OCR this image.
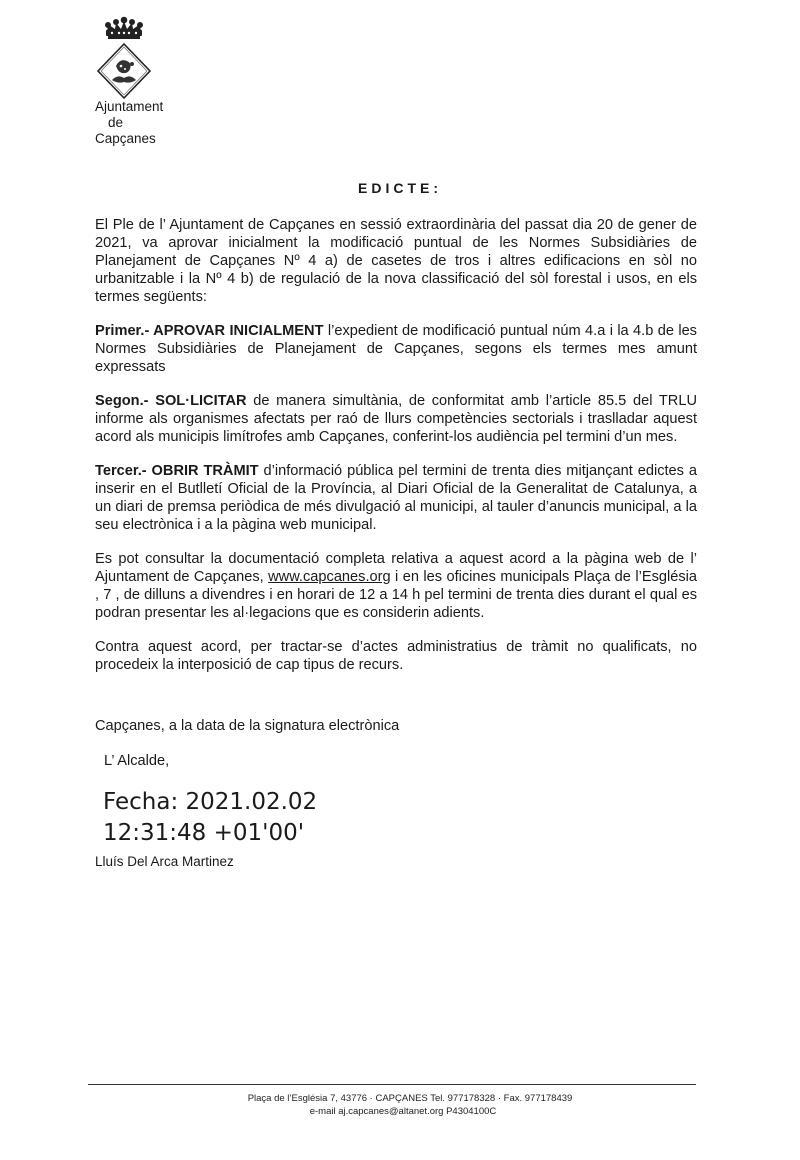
Ajuntament
de
Capçanes
EDICTE:

El Ple de l’ Ajuntament de Capçanes en sessió extraordinària del passat dia 20 de gener de 2021, va aprovar inicialment la modificació puntual de les Normes Subsidiàries de Planejament de Capçanes Nº 4 a) de casetes de tros i altres edificacions en sòl no urbanitzable i la Nº 4 b) de regulació de la nova classificació del sòl forestal i usos, en els termes següents:

Primer.- APROVAR INICIALMENT l’expedient de modificació puntual núm 4.a i la 4.b de les Normes Subsidiàries de Planejament de Capçanes, segons els termes mes amunt expressats

Segon.- SOL·LICITAR de manera simultània, de conformitat amb l’article 85.5 del TRLU informe als organismes afectats per raó de llurs competències sectorials i traslladar aquest acord als municipis limítrofes amb Capçanes, conferint-los audiència pel termini d’un mes.

Tercer.- OBRIR TRÀMIT d’informació pública pel termini de trenta dies mitjançant edictes a inserir en el Butlletí Oficial de la Província, al Diari Oficial de la Generalitat de Catalunya, a un diari de premsa periòdica de més divulgació al municipi, al tauler d’anuncis municipal, a la seu electrònica i a la pàgina web municipal.

Es pot consultar la documentació completa relativa a aquest acord a la pàgina web de l’ Ajuntament de Capçanes, www.capcanes.org i en les oficines municipals Plaça de l’Església , 7 , de dilluns a divendres i en horari de 12 a 14 h pel termini de trenta dies durant el qual es podran presentar les al·legacions que es considerin adients.

Contra aquest acord, per tractar-se d’actes administratius de tràmit no qualificats, no procedeix la interposició de cap tipus de recurs.

Capçanes, a la data de la signatura electrònica
L’ Alcalde,
Fecha: 2021.02.02
12:31:48 +01'00'
Lluís Del Arca Martinez
Plaça de l’Església 7, 43776 · CAPÇANES Tel. 977178328 · Fax. 977178439
e-mail aj.capcanes@altanet.org P4304100C
